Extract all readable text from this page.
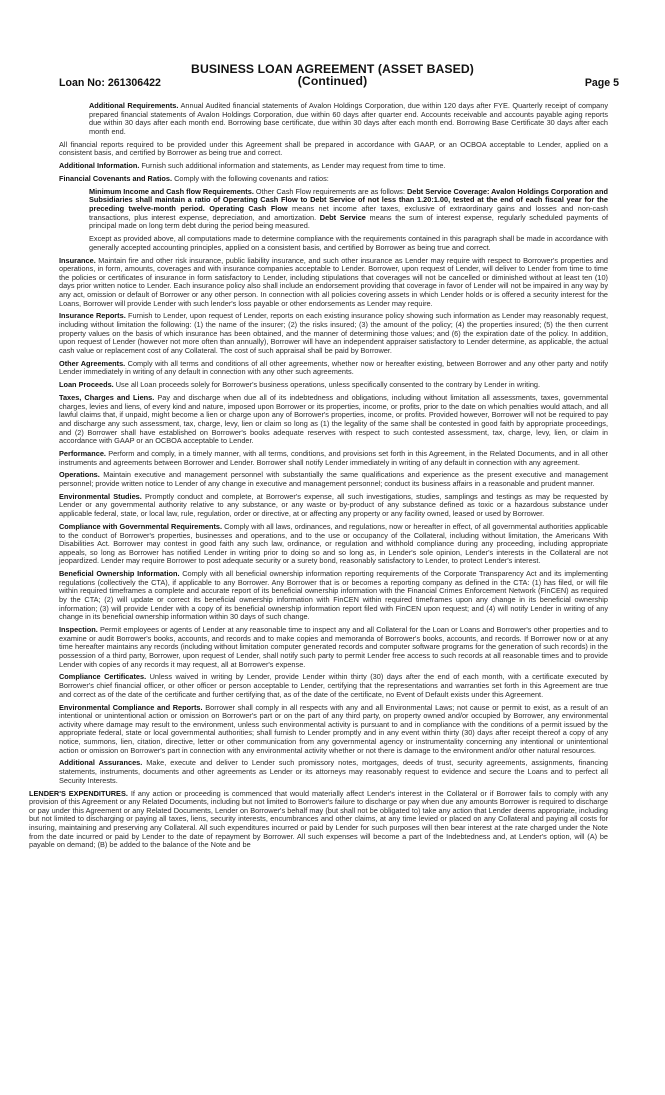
BUSINESS LOAN AGREEMENT (ASSET BASED)
(Continued)
Loan No: 261306422	Page 5

Additional Requirements. Annual Audited financial statements of Avalon Holdings Corporation, due within 120 days after FYE. Quarterly receipt of company prepared financial statements of Avalon Holdings Corporation, due within 60 days after quarter end. Accounts receivable and accounts payable aging reports due within 30 days after each month end. Borrowing base certificate, due within 30 days after each month end. Borrowing Base Certificate 30 days after each month end.

All financial reports required to be provided under this Agreement shall be prepared in accordance with GAAP, or an OCBOA acceptable to Lender, applied on a consistent basis, and certified by Borrower as being true and correct.

Additional Information. Furnish such additional information and statements, as Lender may request from time to time.

Financial Covenants and Ratios. Comply with the following covenants and ratios:

Minimum Income and Cash flow Requirements. Other Cash Flow requirements are as follows: Debt Service Coverage: Avalon Holdings Corporation and Subsidiaries shall maintain a ratio of Operating Cash Flow to Debt Service of not less than 1.20:1.00, tested at the end of each fiscal year for the preceding twelve-month period. Operating Cash Flow means net income after taxes, exclusive of extraordinary gains and losses and non-cash transactions, plus interest expense, depreciation, and amortization. Debt Service means the sum of interest expense, regularly scheduled payments of principal made on long term debt during the period being measured.

Except as provided above, all computations made to determine compliance with the requirements contained in this paragraph shall be made in accordance with generally accepted accounting principles, applied on a consistent basis, and certified by Borrower as being true and correct.

Insurance. Maintain fire and other risk insurance, public liability insurance, and such other insurance as Lender may require with respect to Borrower's properties and operations, in form, amounts, coverages and with insurance companies acceptable to Lender. Borrower, upon request of Lender, will deliver to Lender from time to time the policies or certificates of insurance in form satisfactory to Lender, including stipulations that coverages will not be cancelled or diminished without at least ten (10) days prior written notice to Lender. Each insurance policy also shall include an endorsement providing that coverage in favor of Lender will not be impaired in any way by any act, omission or default of Borrower or any other person. In connection with all policies covering assets in which Lender holds or is offered a security interest for the Loans, Borrower will provide Lender with such lender's loss payable or other endorsements as Lender may require.

Insurance Reports. Furnish to Lender, upon request of Lender, reports on each existing insurance policy showing such information as Lender may reasonably request, including without limitation the following: (1) the name of the insurer; (2) the risks insured; (3) the amount of the policy; (4) the properties insured; (5) the then current property values on the basis of which insurance has been obtained, and the manner of determining those values; and (6) the expiration date of the policy. In addition, upon request of Lender (however not more often than annually), Borrower will have an independent appraiser satisfactory to Lender determine, as applicable, the actual cash value or replacement cost of any Collateral. The cost of such appraisal shall be paid by Borrower.

Other Agreements. Comply with all terms and conditions of all other agreements, whether now or hereafter existing, between Borrower and any other party and notify Lender immediately in writing of any default in connection with any other such agreements.

Loan Proceeds. Use all Loan proceeds solely for Borrower's business operations, unless specifically consented to the contrary by Lender in writing.

Taxes, Charges and Liens. Pay and discharge when due all of its indebtedness and obligations, including without limitation all assessments, taxes, governmental charges, levies and liens, of every kind and nature, imposed upon Borrower or its properties, income, or profits, prior to the date on which penalties would attach, and all lawful claims that, if unpaid, might become a lien or charge upon any of Borrower's properties, income, or profits. Provided however, Borrower will not be required to pay and discharge any such assessment, tax, charge, levy, lien or claim so long as (1) the legality of the same shall be contested in good faith by appropriate proceedings, and (2) Borrower shall have established on Borrower's books adequate reserves with respect to such contested assessment, tax, charge, levy, lien, or claim in accordance with GAAP or an OCBOA acceptable to Lender.

Performance. Perform and comply, in a timely manner, with all terms, conditions, and provisions set forth in this Agreement, in the Related Documents, and in all other instruments and agreements between Borrower and Lender. Borrower shall notify Lender immediately in writing of any default in connection with any agreement.

Operations. Maintain executive and management personnel with substantially the same qualifications and experience as the present executive and management personnel; provide written notice to Lender of any change in executive and management personnel; conduct its business affairs in a reasonable and prudent manner.

Environmental Studies. Promptly conduct and complete, at Borrower's expense, all such investigations, studies, samplings and testings as may be requested by Lender or any governmental authority relative to any substance, or any waste or by-product of any substance defined as toxic or a hazardous substance under applicable federal, state, or local law, rule, regulation, order or directive, at or affecting any property or any facility owned, leased or used by Borrower.

Compliance with Governmental Requirements. Comply with all laws, ordinances, and regulations, now or hereafter in effect, of all governmental authorities applicable to the conduct of Borrower's properties, businesses and operations, and to the use or occupancy of the Collateral, including without limitation, the Americans With Disabilities Act. Borrower may contest in good faith any such law, ordinance, or regulation and withhold compliance during any proceeding, including appropriate appeals, so long as Borrower has notified Lender in writing prior to doing so and so long as, in Lender's sole opinion, Lender's interests in the Collateral are not jeopardized. Lender may require Borrower to post adequate security or a surety bond, reasonably satisfactory to Lender, to protect Lender's interest.

Beneficial Ownership Information. Comply with all beneficial ownership information reporting requirements of the Corporate Transparency Act and its implementing regulations (collectively the CTA), if applicable to any Borrower. Any Borrower that is or becomes a reporting company as defined in the CTA: (1) has filed, or will file within required timeframes a complete and accurate report of its beneficial ownership information with the Financial Crimes Enforcement Network (FinCEN) as required by the CTA; (2) will update or correct its beneficial ownership information with FinCEN within required timeframes upon any change in its beneficial ownership information; (3) will provide Lender with a copy of its beneficial ownership information report filed with FinCEN upon request; and (4) will notify Lender in writing of any change in its beneficial ownership information within 30 days of such change.

Inspection. Permit employees or agents of Lender at any reasonable time to inspect any and all Collateral for the Loan or Loans and Borrower's other properties and to examine or audit Borrower's books, accounts, and records and to make copies and memoranda of Borrower's books, accounts, and records. If Borrower now or at any time hereafter maintains any records (including without limitation computer generated records and computer software programs for the generation of such records) in the possession of a third party, Borrower, upon request of Lender, shall notify such party to permit Lender free access to such records at all reasonable times and to provide Lender with copies of any records it may request, all at Borrower's expense.

Compliance Certificates. Unless waived in writing by Lender, provide Lender within thirty (30) days after the end of each month, with a certificate executed by Borrower's chief financial officer, or other officer or person acceptable to Lender, certifying that the representations and warranties set forth in this Agreement are true and correct as of the date of the certificate and further certifying that, as of the date of the certificate, no Event of Default exists under this Agreement.

Environmental Compliance and Reports. Borrower shall comply in all respects with any and all Environmental Laws; not cause or permit to exist, as a result of an intentional or unintentional action or omission on Borrower's part or on the part of any third party, on property owned and/or occupied by Borrower, any environmental activity where damage may result to the environment, unless such environmental activity is pursuant to and in compliance with the conditions of a permit issued by the appropriate federal, state or local governmental authorities; shall furnish to Lender promptly and in any event within thirty (30) days after receipt thereof a copy of any notice, summons, lien, citation, directive, letter or other communication from any governmental agency or instrumentality concerning any intentional or unintentional action or omission on Borrower's part in connection with any environmental activity whether or not there is damage to the environment and/or other natural resources.

Additional Assurances. Make, execute and deliver to Lender such promissory notes, mortgages, deeds of trust, security agreements, assignments, financing statements, instruments, documents and other agreements as Lender or its attorneys may reasonably request to evidence and secure the Loans and to perfect all Security Interests.

LENDER'S EXPENDITURES. If any action or proceeding is commenced that would materially affect Lender's interest in the Collateral or if Borrower fails to comply with any provision of this Agreement or any Related Documents, including but not limited to Borrower's failure to discharge or pay when due any amounts Borrower is required to discharge or pay under this Agreement or any Related Documents, Lender on Borrower's behalf may (but shall not be obligated to) take any action that Lender deems appropriate, including but not limited to discharging or paying all taxes, liens, security interests, encumbrances and other claims, at any time levied or placed on any Collateral and paying all costs for insuring, maintaining and preserving any Collateral. All such expenditures incurred or paid by Lender for such purposes will then bear interest at the rate charged under the Note from the date incurred or paid by Lender to the date of repayment by Borrower. All such expenses will become a part of the Indebtedness and, at Lender's option, will (A) be payable on demand; (B) be added to the balance of the Note and be
